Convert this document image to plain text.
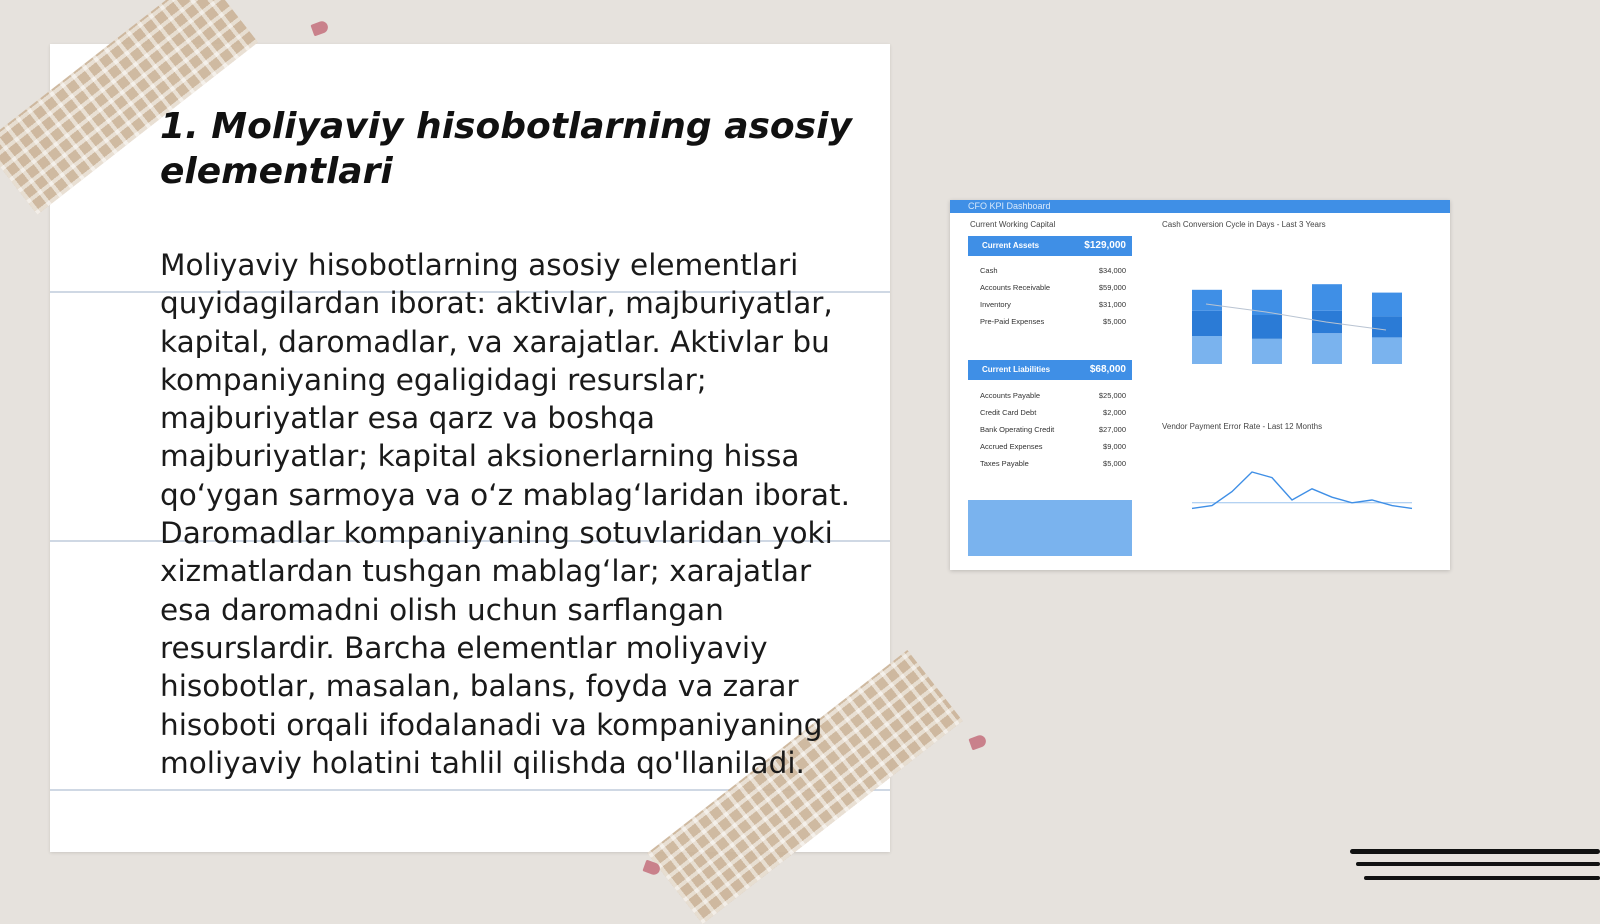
1. Moliyaviy hisobotlarning asosiy elementlari

Moliyaviy hisobotlarning asosiy elementlari quyidagilardan iborat: aktivlar, majburiyatlar, kapital, daromadlar, va xarajatlar. Aktivlar bu kompaniyaning egaligidagi resurslar; majburiyatlar esa qarz va boshqa majburiyatlar; kapital aksionerlarning hissa qo‘ygan sarmoya va o‘z mablag‘laridan iborat. Daromadlar kompaniyaning sotuvlaridan yoki xizmatlardan tushgan mablag‘lar; xarajatlar esa daromadni olish uchun sarflangan resurslardir. Barcha elementlar moliyaviy hisobotlar, masalan, balans, foyda va zarar hisoboti orqali ifodalanadi va kompaniyaning moliyaviy holatini tahlil qilishda qo'llaniladi.

CFO KPI Dashboard
Current Working Capital
Current Assets	$129,000
Cash	$34,000
Accounts Receivable	$59,000
Inventory	$31,000
Pre-Paid Expenses	$5,000
Current Liabilities	$68,000
Accounts Payable	$25,000
Credit Card Debt	$2,000
Bank Operating Credit	$27,000
Accrued Expenses	$9,000
Taxes Payable	$5,000
Cash Conversion Cycle in Days - Last 3 Years
Vendor Payment Error Rate - Last 12 Months
